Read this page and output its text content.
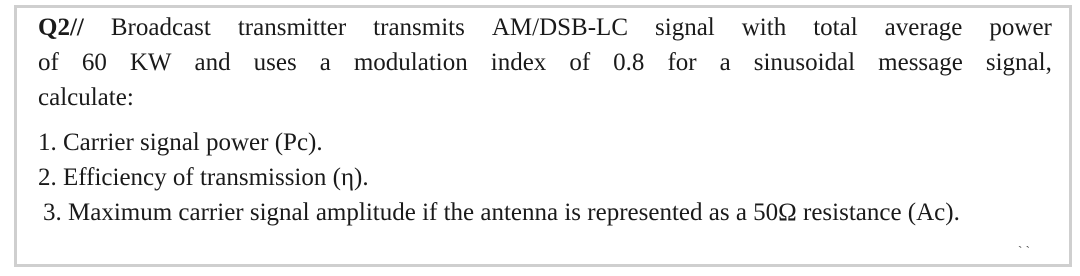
Q2// Broadcast transmitter transmits AM/DSB-LC signal with total average power
of 60 KW and uses a modulation index of 0.8 for a sinusoidal message signal,
calculate:
1. Carrier signal power (Pc).
2. Efficiency of transmission (η).
3. Maximum carrier signal amplitude if the antenna is represented as a 50Ω resistance (Ac).
` `
